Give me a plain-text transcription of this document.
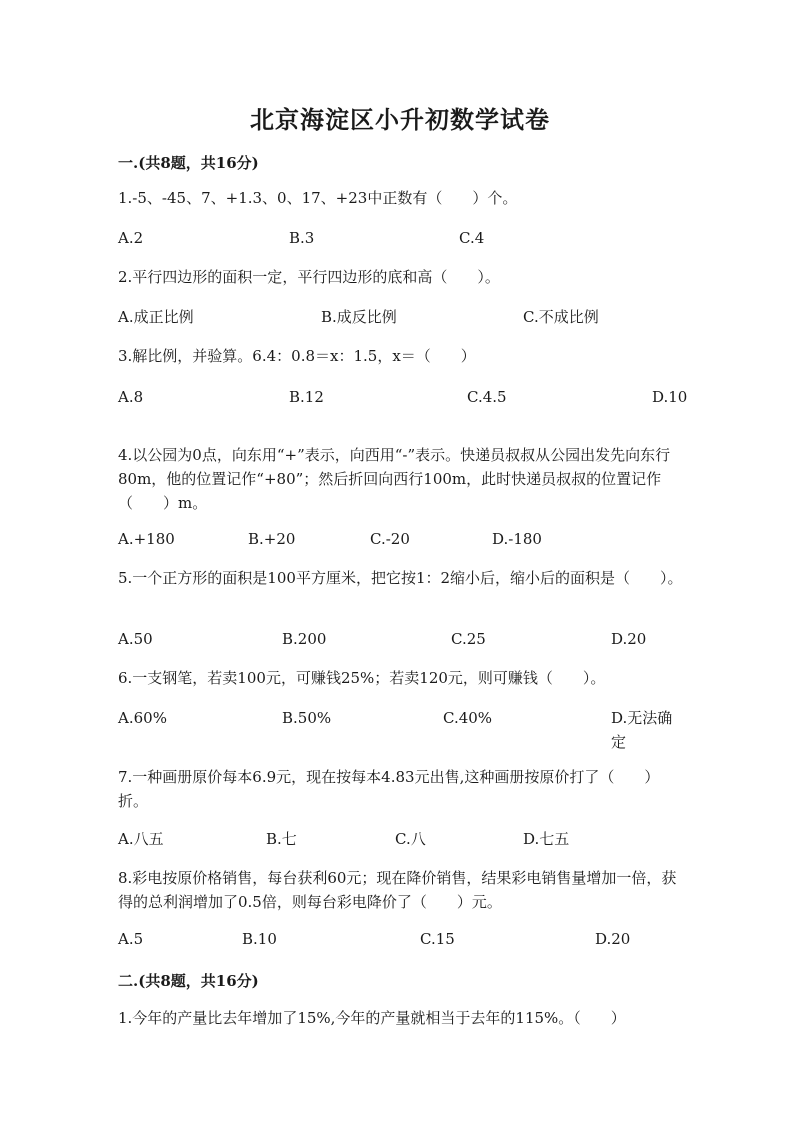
北京海淀区小升初数学试卷
一.(共8题，共16分)
1.-5、-45、7、+1.3、0、17、+23中正数有（　　）个。
A.2	B.3	C.4
2.平行四边形的面积一定，平行四边形的底和高（　　）。
A.成正比例	B.成反比例	C.不成比例
3.解比例，并验算。6.4：0.8＝x：1.5，x＝（　　）
A.8	B.12	C.4.5	D.10
4.以公园为0点，向东用“+”表示，向西用“-”表示。快递员叔叔从公园出发先向东行80m，他的位置记作“+80”；然后折回向西行100m，此时快递员叔叔的位置记作（　　）m。
A.+180	B.+20	C.-20	D.-180
5.一个正方形的面积是100平方厘米，把它按1：2缩小后，缩小后的面积是（　　）。
A.50	B.200	C.25	D.20
6.一支钢笔，若卖100元，可赚钱25%；若卖120元，则可赚钱（　　）。
A.60%	B.50%	C.40%	D.无法确定
7.一种画册原价每本6.9元，现在按每本4.83元出售,这种画册按原价打了（　　）折。
A.八五	B.七	C.八	D.七五
8.彩电按原价格销售，每台获利60元；现在降价销售，结果彩电销售量增加一倍，获得的总利润增加了0.5倍，则每台彩电降价了（　　）元。
A.5	B.10	C.15	D.20
二.(共8题，共16分)
1.今年的产量比去年增加了15%,今年的产量就相当于去年的115%。（　　）
